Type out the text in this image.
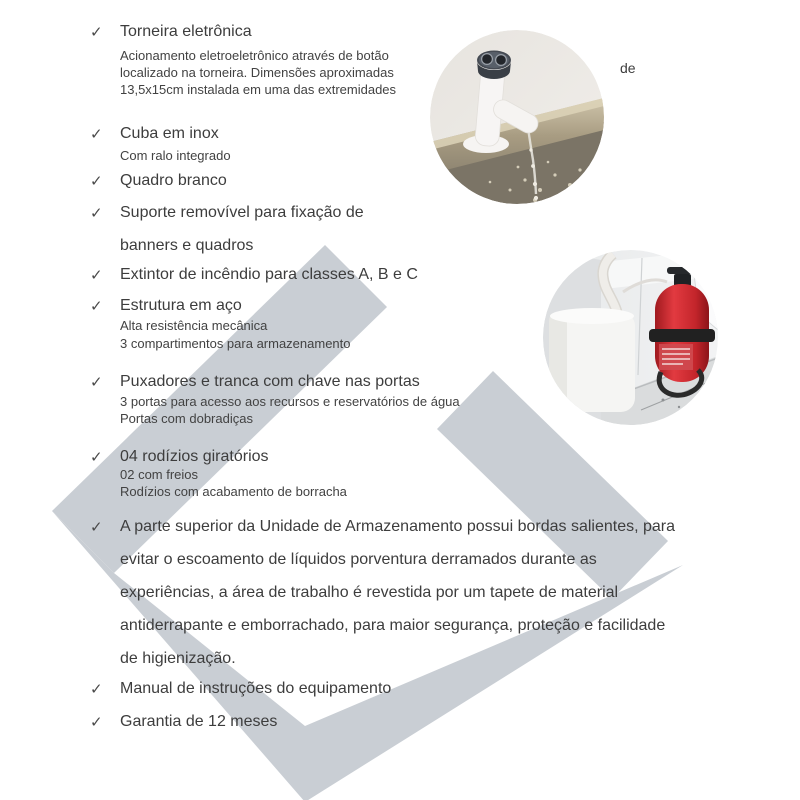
de
✓ Torneira eletrônica
Acionamento eletroeletrônico através de botão
localizado na torneira. Dimensões aproximadas
13,5x15cm instalada em uma das extremidades
✓ Cuba em inox
Com ralo integrado
✓ Quadro branco
✓ Suporte removível para fixação de
banners e quadros
✓ Extintor de incêndio para classes A, B e C
✓ Estrutura em aço
Alta resistência mecânica
3 compartimentos para armazenamento
✓ Puxadores e tranca com chave nas portas
3 portas para acesso aos recursos e reservatórios de água
Portas com dobradiças
✓ 04 rodízios giratórios
02 com freios
Rodízios com acabamento de borracha
✓ A parte superior da Unidade de Armazenamento possui bordas salientes, para
evitar o escoamento de líquidos porventura derramados durante as
experiências, a área de trabalho é revestida por um tapete de material
antiderrapante e emborrachado, para maior segurança, proteção e facilidade
de higienização.
✓ Manual de instruções do equipamento
✓ Garantia de 12 meses
